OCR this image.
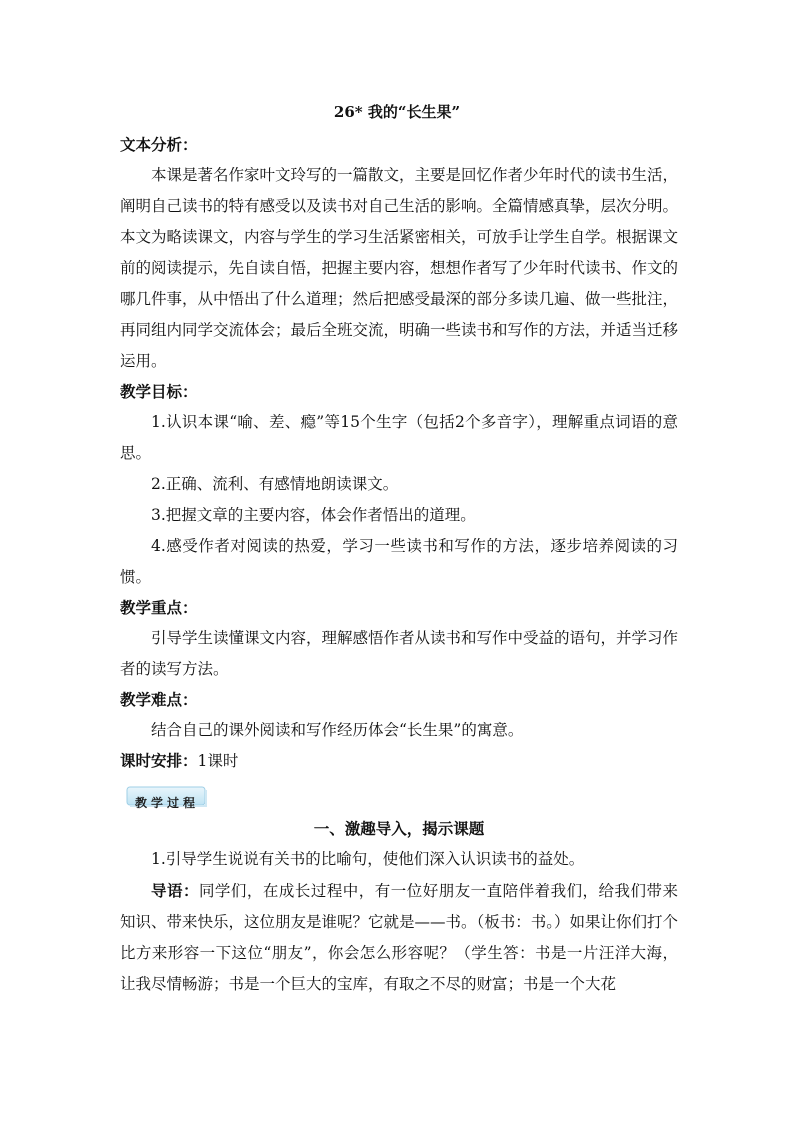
26* 我的“长生果”

文本分析：

本课是著名作家叶文玲写的一篇散文，主要是回忆作者少年时代的读书生活，阐明自己读书的特有感受以及读书对自己生活的影响。全篇情感真挚，层次分明。本文为略读课文，内容与学生的学习生活紧密相关，可放手让学生自学。根据课文前的阅读提示，先自读自悟，把握主要内容，想想作者写了少年时代读书、作文的哪几件事，从中悟出了什么道理；然后把感受最深的部分多读几遍、做一些批注，再同组内同学交流体会；最后全班交流，明确一些读书和写作的方法，并适当迁移运用。

教学目标：

1.认识本课“喻、差、瘾”等15个生字（包括2个多音字），理解重点词语的意思。

2.正确、流利、有感情地朗读课文。

3.把握文章的主要内容，体会作者悟出的道理。

4.感受作者对阅读的热爱，学习一些读书和写作的方法，逐步培养阅读的习惯。

教学重点：

引导学生读懂课文内容，理解感悟作者从读书和写作中受益的语句，并学习作者的读写方法。

教学难点：

结合自己的课外阅读和写作经历体会“长生果”的寓意。

课时安排：1课时

教学过程

一、激趣导入，揭示课题

1.引导学生说说有关书的比喻句，使他们深入认识读书的益处。

导语：同学们，在成长过程中，有一位好朋友一直陪伴着我们，给我们带来知识、带来快乐，这位朋友是谁呢？它就是——书。（板书：书。）如果让你们打个比方来形容一下这位“朋友”，你会怎么形容呢？（学生答：书是一片汪洋大海，让我尽情畅游；书是一个巨大的宝库，有取之不尽的财富；书是一个大花
